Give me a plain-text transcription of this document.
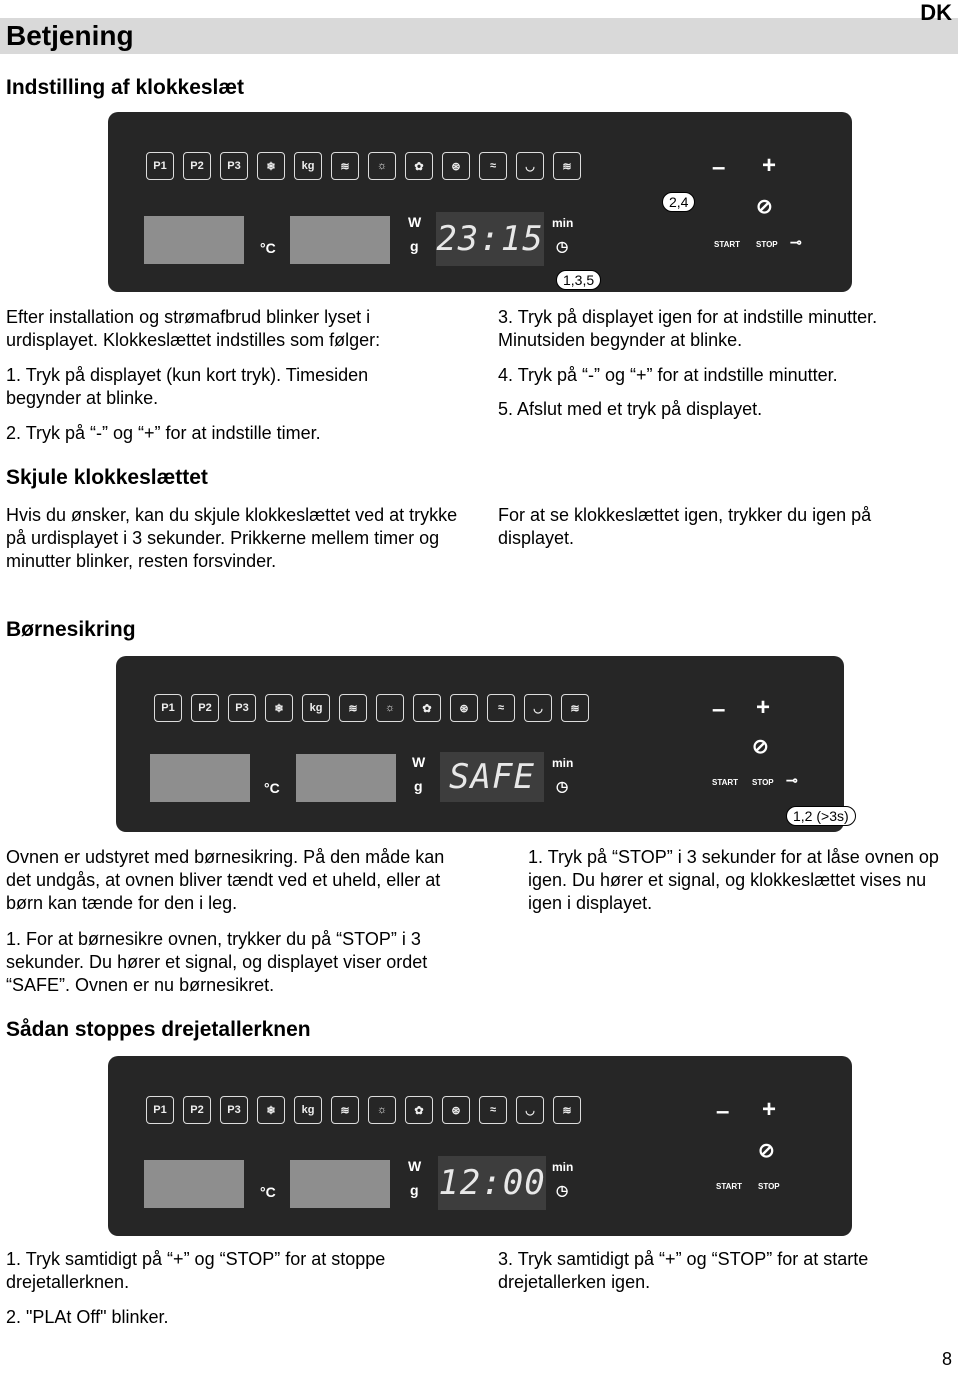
Betjening
DK
Indstilling af klokkeslæt
P1	P2	P3	❄	kg	≋	☼	✿	⊛	≈	◡	≋
°C
W
g 23:15 min
◷
– +
⊘
START STOP ⊸
2,4
1,3,5
Efter installation og strømafbrud blinker lyset i urdisplayet. Klokkeslættet indstilles som følger:
1. Tryk på displayet (kun kort tryk). Timesiden begynder at blinke.
2. Tryk på “-” og “+” for at indstille timer.
3. Tryk på displayet igen for at indstille minutter. Minutsiden begynder at blinke.
4. Tryk på “-” og “+” for at indstille minutter.
5. Afslut med et tryk på displayet.
Skjule klokkeslættet
Hvis du ønsker, kan du skjule klokkeslættet ved at trykke på urdisplayet i 3 sekunder. Prikkerne mellem timer og minutter blinker, resten forsvinder.
For at se klokkeslættet igen, trykker du igen på displayet.
Børnesikring
P1	P2	P3	❄	kg	≋	☼	✿	⊛	≈	◡	≋
°C
W
g SAFE	min
◷
– +
⊘
START STOP ⊸
1,2 (>3s)
Ovnen er udstyret med børnesikring. På den måde kan det undgås, at ovnen bliver tændt ved et uheld, eller at børn kan tænde for den i leg.
1. For at børnesikre ovnen, trykker du på “STOP” i 3 sekunder. Du hører et signal, og displayet viser ordet “SAFE”. Ovnen er nu børnesikret.
1. Tryk på “STOP” i 3 sekunder for at låse ovnen op igen. Du hører et signal, og klokkeslættet vises nu igen i displayet.
Sådan stoppes drejetallerknen
P1	P2	P3	❄	kg	≋	☼	✿	⊛	≈	◡	≋
°C
W
g 12:00 min
◷
– +
⊘
START STOP
1. Tryk samtidigt på “+” og “STOP” for at stoppe drejetallerknen.
2. "PLAt Off" blinker.
3. Tryk samtidigt på “+” og “STOP” for at starte drejetallerken igen.
8
